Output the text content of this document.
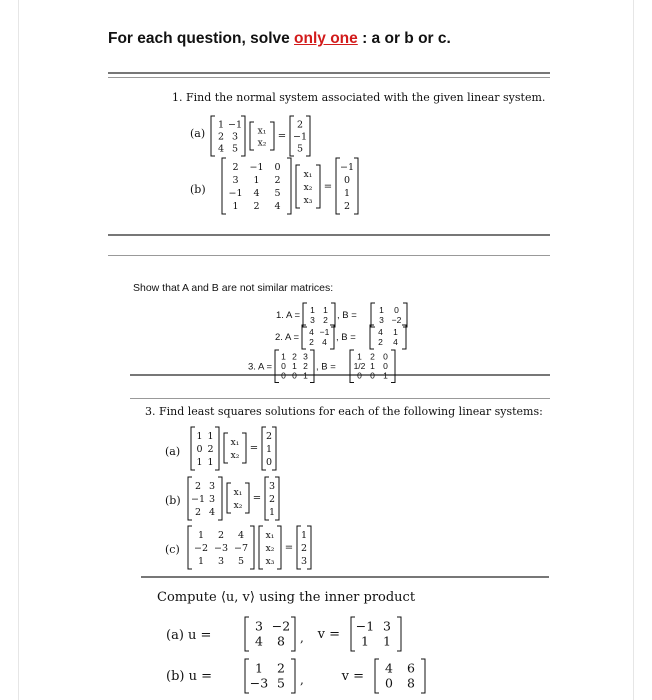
For each question, solve only one : a or b or c.
1. Find the normal system associated with the given linear system.
(a)
(b)
Show that A and B are not similar matrices:
3. Find least squares solutions for each of the following linear systems:
(a)
(b)
(c)
Compute ⟨u, v⟩ using the inner product
(a) u =
(b) u =
1 −1
2 3
4 5
x₁
x₂
=
2
−1
5
2 −1 0
3 1 2
−1 4 5
1 2 4
x₁
x₂
x₃
=
−1
0
1
2
1. A =
1 1
3 2 , B =
1 0
3 −2
2. A =
4 −1
2 4 , B =
4 1
2 4
3. A =
1 2 3
0 1 2
0 0 1
, B =
1 2 0
1/2 1 0
0 0 1
1 1
0 2
1 1
x₁
x₂
=
2
1
0
2 3
−1 3
2 4
x₁
x₂
=
3
2
1
1 2 4
−2 −3 −7
1 3 5
x₁
x₂
x₃
=
1
2
3
3 −2
4 8 , v =
−1 3
1 1
1 2
−3 5 ,	v =
4 6
0 8
